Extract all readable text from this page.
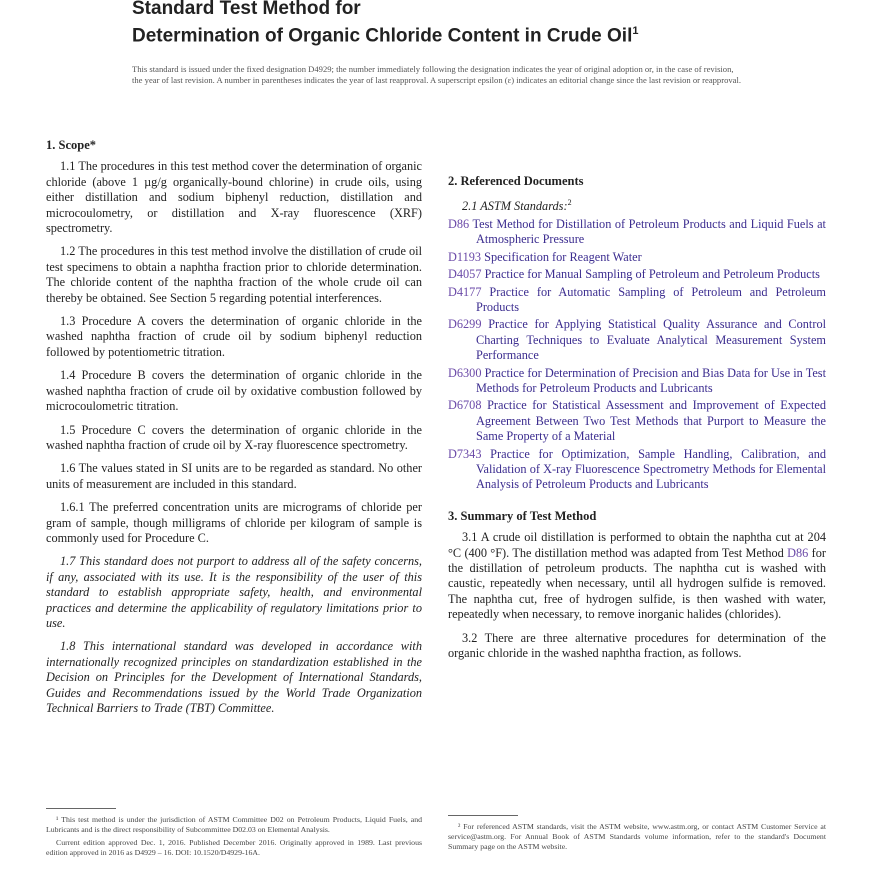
Standard Test Method for

Determination of Organic Chloride Content in Crude Oil$^1$

This standard is issued under the fixed designation D4929; the number immediately following the designation indicates the year of original adoption or, in the case of revision, the year of last revision. A number in parentheses indicates the year of last reapproval. A superscript epsilon (ε) indicates an editorial change since the last revision or reapproval.
1. Scope*

1.1 The procedures in this test method cover the determination of organic chloride (above 1 µg/g organically-bound chlorine) in crude oils, using either distillation and sodium biphenyl reduction, distillation and microcoulometry, or distillation and X-ray fluorescence (XRF) spectrometry.

1.2 The procedures in this test method involve the distillation of crude oil test specimens to obtain a naphtha fraction prior to chloride determination. The chloride content of the naphtha fraction of the whole crude oil can thereby be obtained. See Section 5 regarding potential interferences.

1.3 Procedure A covers the determination of organic chloride in the washed naphtha fraction of crude oil by sodium biphenyl reduction followed by potentiometric titration.

1.4 Procedure B covers the determination of organic chloride in the washed naphtha fraction of crude oil by oxidative combustion followed by microcoulometric titration.

1.5 Procedure C covers the determination of organic chloride in the washed naphtha fraction of crude oil by X-ray fluorescence spectrometry.

1.6 The values stated in SI units are to be regarded as standard. No other units of measurement are included in this standard.

1.6.1 The preferred concentration units are micrograms of chloride per gram of sample, though milligrams of chloride per kilogram of sample is commonly used for Procedure C.

1.7 This standard does not purport to address all of the safety concerns, if any, associated with its use. It is the responsibility of the user of this standard to establish appropriate safety, health, and environmental practices and determine the applicability of regulatory limitations prior to use.

1.8 This international standard was developed in accordance with internationally recognized principles on standardization established in the Decision on Principles for the Development of International Standards, Guides and Recommendations issued by the World Trade Organization Technical Barriers to Trade (TBT) Committee.

2. Referenced Documents

2.1 ASTM Standards:$^2$

D86 Test Method for Distillation of Petroleum Products and Liquid Fuels at Atmospheric Pressure
D1193 Specification for Reagent Water
D4057 Practice for Manual Sampling of Petroleum and Petroleum Products
D4177 Practice for Automatic Sampling of Petroleum and Petroleum Products
D6299 Practice for Applying Statistical Quality Assurance and Control Charting Techniques to Evaluate Analytical Measurement System Performance
D6300 Practice for Determination of Precision and Bias Data for Use in Test Methods for Petroleum Products and Lubricants
D6708 Practice for Statistical Assessment and Improvement of Expected Agreement Between Two Test Methods that Purport to Measure the Same Property of a Material
D7343 Practice for Optimization, Sample Handling, Calibration, and Validation of X-ray Fluorescence Spectrometry Methods for Elemental Analysis of Petroleum Products and Lubricants
3. Summary of Test Method

3.1 A crude oil distillation is performed to obtain the naphtha cut at 204 °C (400 °F). The distillation method was adapted from Test Method D86 for the distillation of petroleum products. The naphtha cut is washed with caustic, repeatedly when necessary, until all hydrogen sulfide is removed. The naphtha cut, free of hydrogen sulfide, is then washed with water, repeatedly when necessary, to remove inorganic halides (chlorides).

3.2 There are three alternative procedures for determination of the organic chloride in the washed naphtha fraction, as follows.

¹ This test method is under the jurisdiction of ASTM Committee D02 on Petroleum Products, Liquid Fuels, and Lubricants and is the direct responsibility of Subcommittee D02.03 on Elemental Analysis.

Current edition approved Dec. 1, 2016. Published December 2016. Originally approved in 1989. Last previous edition approved in 2016 as D4929 – 16. DOI: 10.1520/D4929-16A.

² For referenced ASTM standards, visit the ASTM website, www.astm.org, or contact ASTM Customer Service at service@astm.org. For Annual Book of ASTM Standards volume information, refer to the standard's Document Summary page on the ASTM website.
